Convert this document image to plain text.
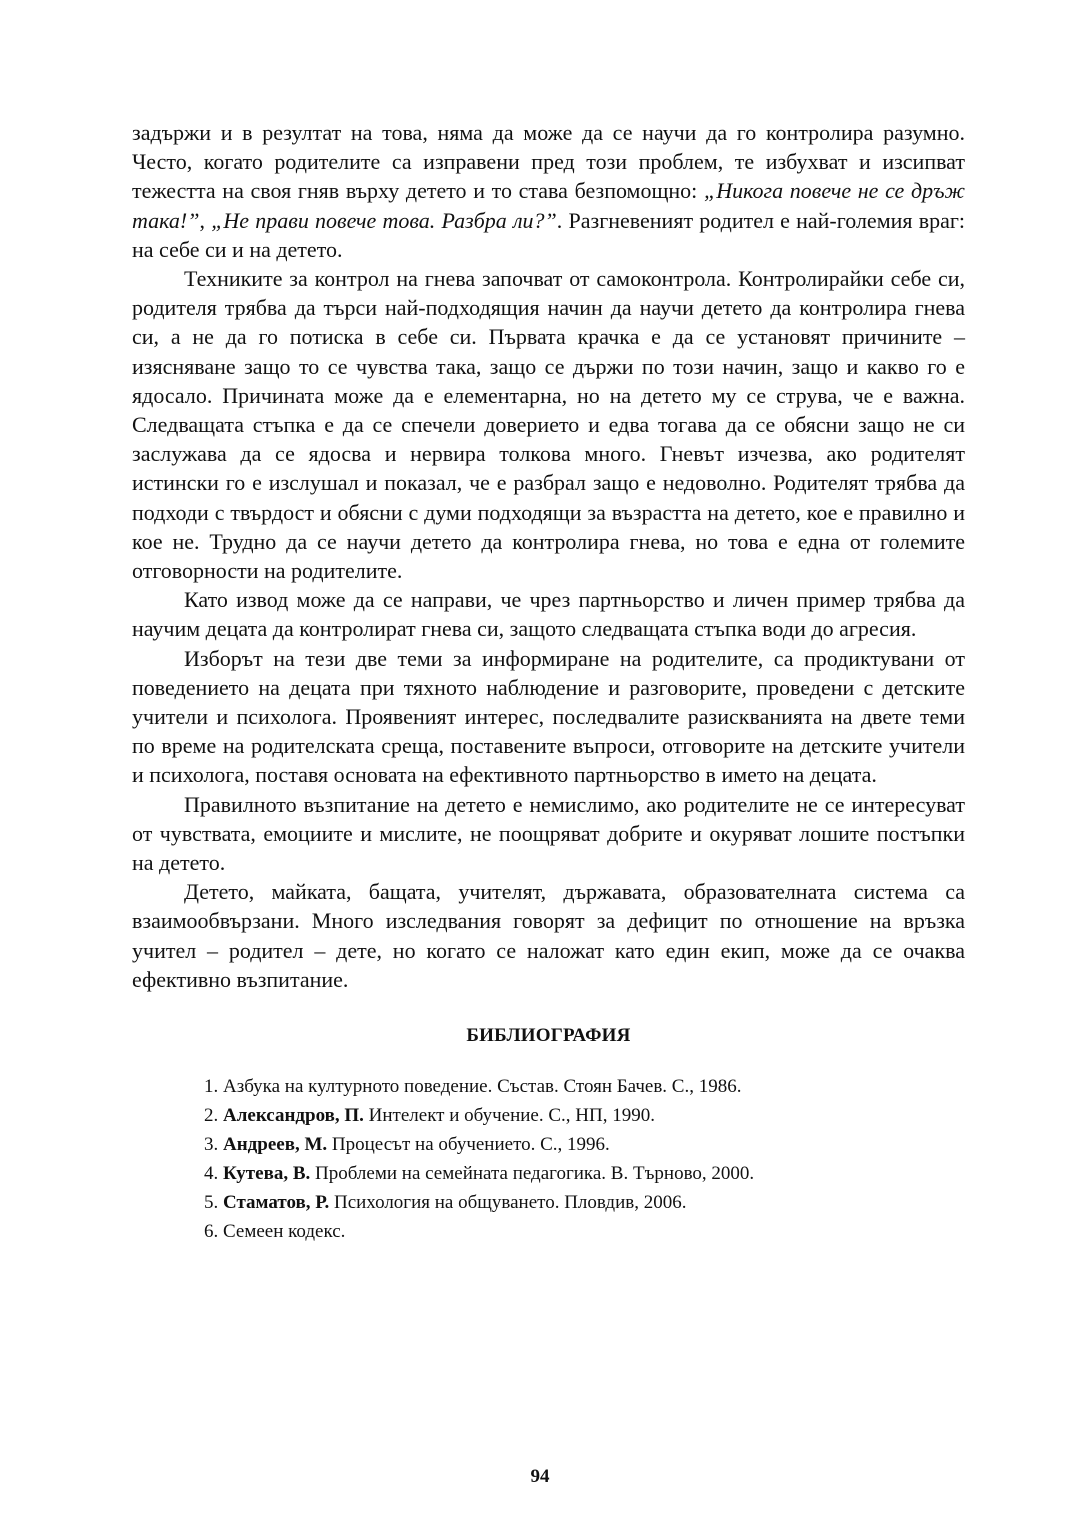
задържи и в резултат на това, няма да може да се научи да го контролира разумно. Често, когато родителите са изправени пред този проблем, те избухват и изсипват тежестта на своя гняв върху детето и то става безпомощно: „Никога повече не се дръж така!”, „Не прави повече това. Разбра ли?”. Разгневеният родител е най-големия враг: на себе си и на детето.

Техниките за контрол на гнева започват от самоконтрола. Контролирайки себе си, родителя трябва да търси най-подходящия начин да научи детето да контролира гнева си, а не да го потиска в себе си. Първата крачка е да се установят причините – изясняване защо то се чувства така, защо се държи по този начин, защо и какво го е ядосало. Причината може да е елементарна, но на детето му се струва, че е важна. Следващата стъпка е да се спечели доверието и едва тогава да се обясни защо не си заслужава да се ядосва и нервира толкова много. Гневът изчезва, ако родителят истински го е изслушал и показал, че е разбрал защо е недоволно. Родителят трябва да подходи с твърдост и обясни с думи подходящи за възрастта на детето, кое е правилно и кое не. Трудно да се научи детето да контролира гнева, но това е една от големите отговорности на родителите.

Като извод може да се направи, че чрез партньорство и личен пример трябва да научим децата да контролират гнева си, защото следващата стъпка води до агресия.

Изборът на тези две теми за информиране на родителите, са продиктувани от поведението на децата при тяхното наблюдение и разговорите, проведени с детските учители и психолога. Проявеният интерес, последвалите разискванията на двете теми по време на родителската среща, поставените въпроси, отговорите на детските учители и психолога, поставя основата на ефективното партньорство в името на децата.

Правилното възпитание на детето е немислимо, ако родителите не се интересуват от чувствата, емоциите и мислите, не поощряват добрите и окуряват лошите постъпки на детето.

Детето, майката, бащата, учителят, държавата, образователната система са взаимообвързани. Много изследвания говорят за дефицит по отношение на връзка учител – родител – дете, но когато се наложат като един екип, може да се очаква ефективно възпитание.

БИБЛИОГРАФИЯ
1. Азбука на културното поведение. Състав. Стоян Бачев. С., 1986.
2. Александров, П. Интелект и обучение. С., НП, 1990.
3. Андреев, М. Процесът на обучението. С., 1996.
4. Кутева, В. Проблеми на семейната педагогика. В. Търново, 2000.
5. Стаматов, Р. Психология на общуването. Пловдив, 2006.
6. Семеен кодекс.
94
